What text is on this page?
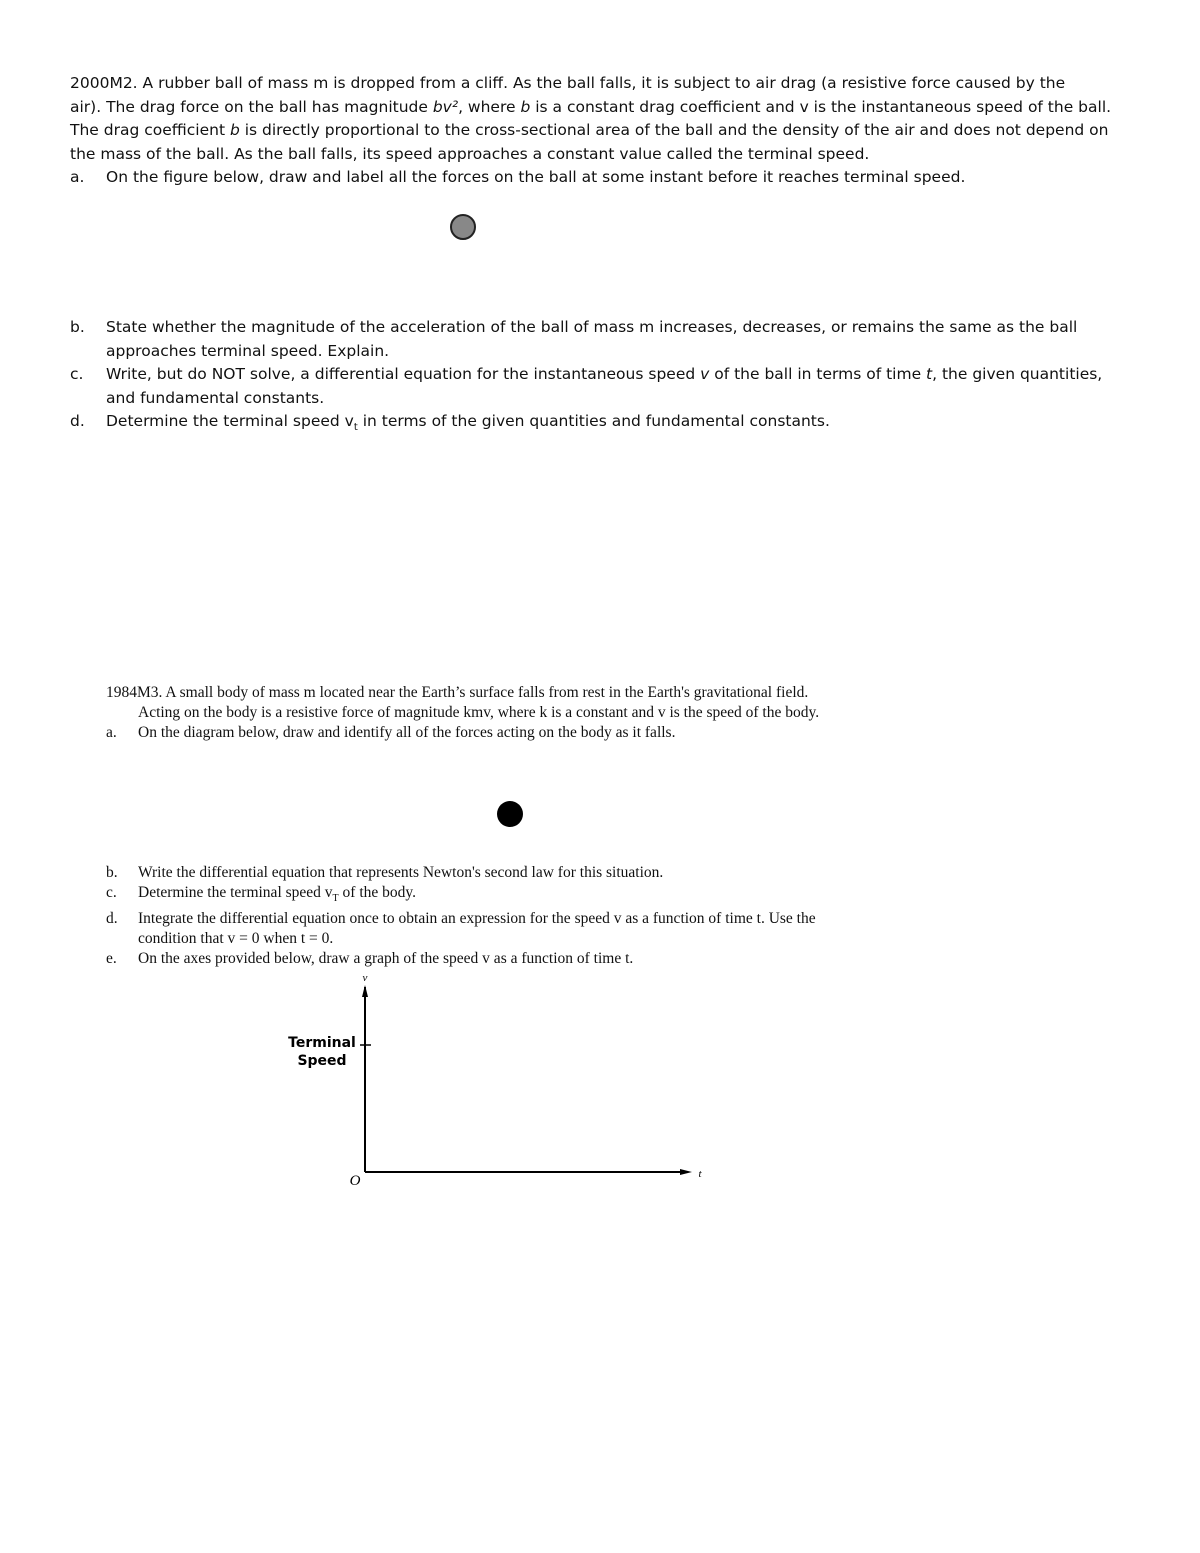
2000M2. A rubber ball of mass m is dropped from a cliff. As the ball falls, it is subject to air drag (a resistive force caused by the
air). The drag force on the ball has magnitude bv², where b is a constant drag coefficient and v is the instantaneous speed of the ball.
The drag coefficient b is directly proportional to the cross-sectional area of the ball and the density of the air and does not depend on
the mass of the ball. As the ball falls, its speed approaches a constant value called the terminal speed.

a.	On the figure below, draw and label all the forces on the ball at some instant before it reaches terminal speed.
b.	State whether the magnitude of the acceleration of the ball of mass m increases, decreases, or remains the same as the ball approaches terminal speed. Explain.
c.	Write, but do NOT solve, a differential equation for the instantaneous speed v of the ball in terms of time t, the given quantities, and fundamental constants.
d.	Determine the terminal speed $v_t$ in terms of the given quantities and fundamental constants.
1984M3. A small body of mass m located near the Earth’s surface falls from rest in the Earth's gravitational field.
Acting on the body is a resistive force of magnitude kmv, where k is a constant and v is the speed of the body.
a.	On the diagram below, draw and identify all of the forces acting on the body as it falls.
b.	Write the differential equation that represents Newton's second law for this situation.
c.	Determine the terminal speed $v_T$ of the body.
d.	Integrate the differential equation once to obtain an expression for the speed v as a function of time t. Use the
condition that v = 0 when t = 0.
e.	On the axes provided below, draw a graph of the speed v as a function of time t.
v
t
O
Terminal
Speed
